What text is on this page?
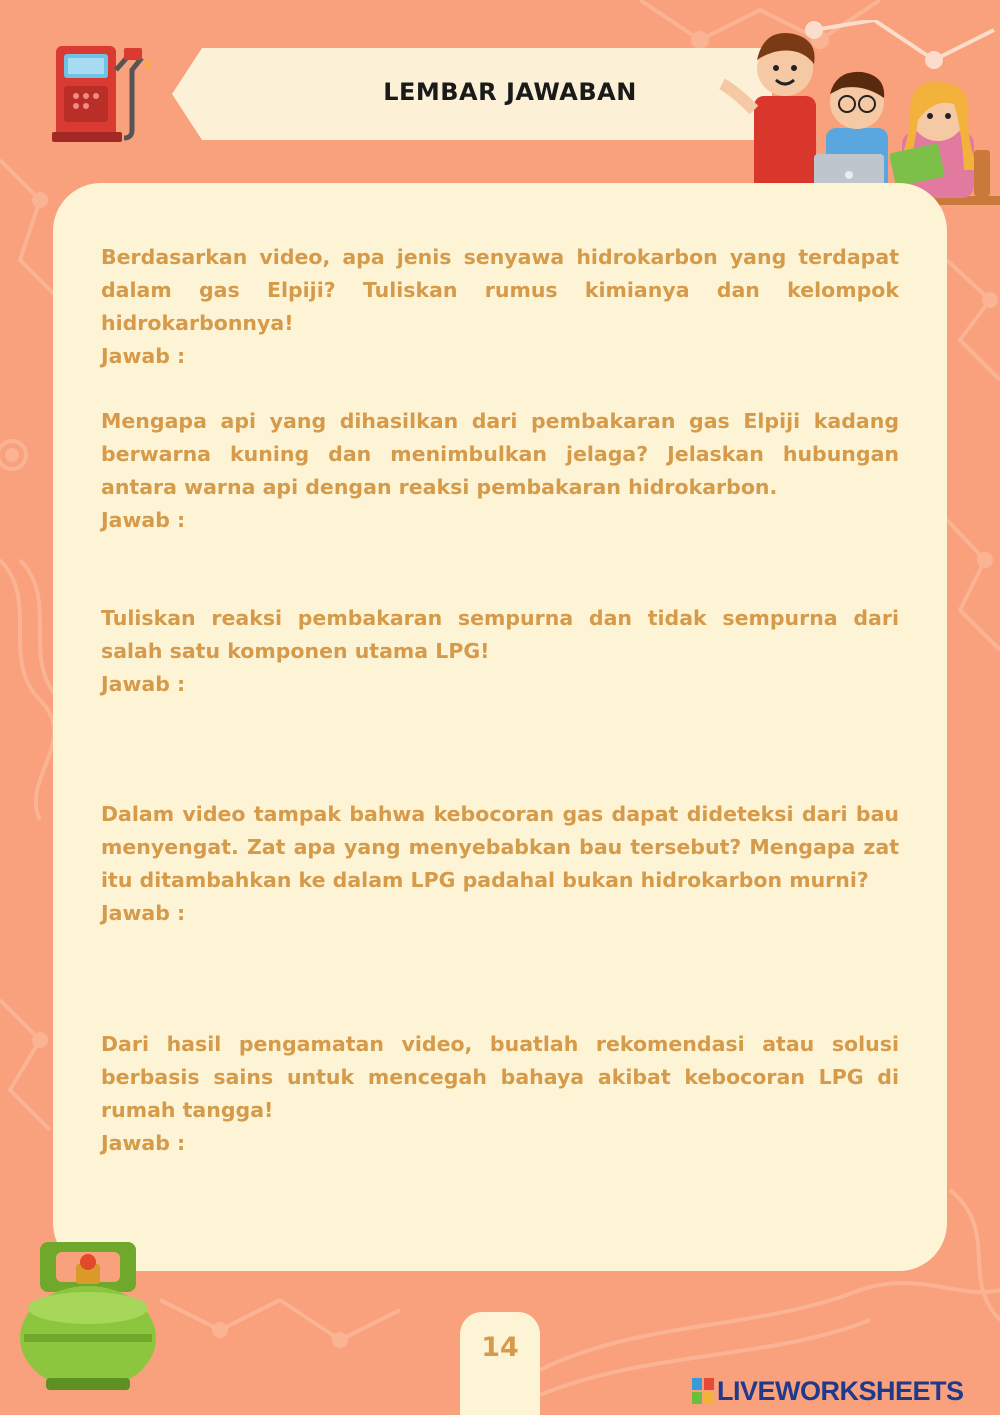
LEMBAR JAWABAN

Berdasarkan video, apa jenis senyawa hidrokarbon yang terdapat dalam gas Elpiji? Tuliskan rumus kimianya dan kelompok hidrokarbonnya!

Jawab :

Mengapa api yang dihasilkan dari pembakaran gas Elpiji kadang berwarna kuning dan menimbulkan jelaga? Jelaskan hubungan antara warna api dengan reaksi pembakaran hidrokarbon.

Jawab :

Tuliskan reaksi pembakaran sempurna dan tidak sempurna dari salah satu komponen utama LPG!

Jawab :

Dalam video tampak bahwa kebocoran gas dapat dideteksi dari bau menyengat. Zat apa yang menyebabkan bau tersebut? Mengapa zat itu ditambahkan ke dalam LPG padahal bukan hidrokarbon murni?

Jawab :

Dari hasil pengamatan video, buatlah rekomendasi atau solusi berbasis sains untuk mencegah bahaya akibat kebocoran LPG di rumah tangga!

Jawab :
14
LIVEWORKSHEETS
